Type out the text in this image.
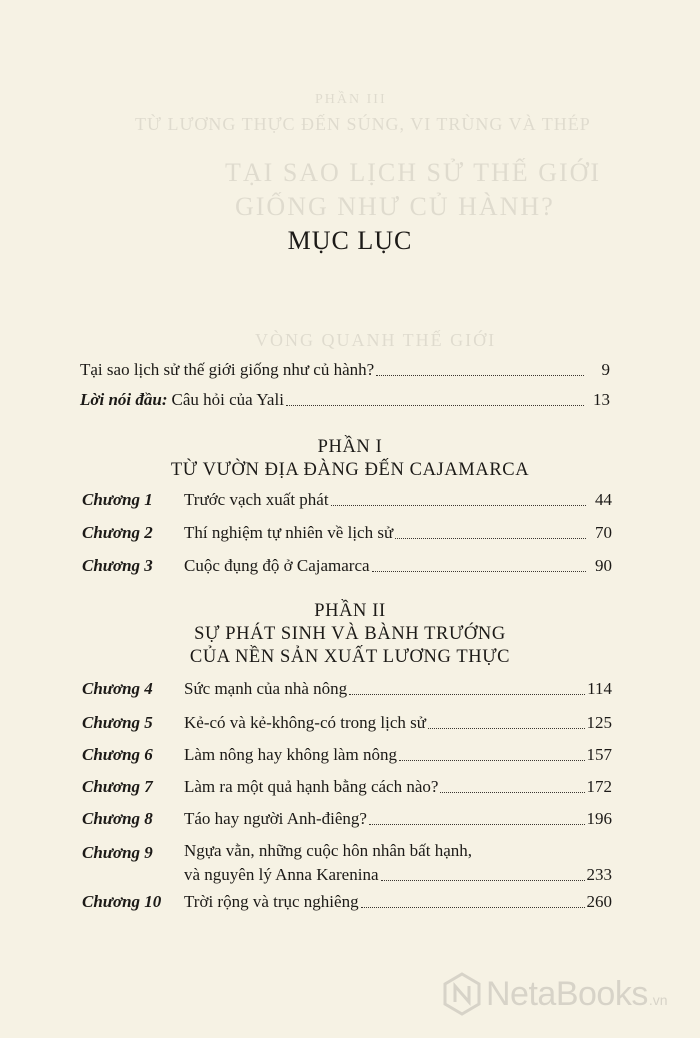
PHẦN III
TỪ LƯƠNG THỰC ĐẾN SÚNG, VI TRÙNG VÀ THÉP
TẠI SAO LỊCH SỬ THẾ GIỚI
GIỐNG NHƯ CỦ HÀNH?
VÒNG QUANH THẾ GIỚI
MỤC LỤC
Tại sao lịch sử thế giới giống như củ hành?	9
Lời nói đầu: Câu hỏi của Yali	13
PHẦN I
TỪ VƯỜN ĐỊA ĐÀNG ĐẾN CAJAMARCA
Chương 1	Trước vạch xuất phát	44
Chương 2	Thí nghiệm tự nhiên về lịch sử	70
Chương 3	Cuộc đụng độ ở Cajamarca	90
PHẦN II
SỰ PHÁT SINH VÀ BÀNH TRƯỚNG
CỦA NỀN SẢN XUẤT LƯƠNG THỰC
Chương 4	Sức mạnh của nhà nông	114
Chương 5	Kẻ-có và kẻ-không-có trong lịch sử	125
Chương 6	Làm nông hay không làm nông	157
Chương 7	Làm ra một quả hạnh bằng cách nào?	172
Chương 8	Táo hay người Anh-điêng?	196
Chương 9	Ngựa vằn, những cuộc hôn nhân bất hạnh,
và nguyên lý Anna Karenina	233
Chương 10	Trời rộng và trục nghiêng	260
NetaBooks .vn
